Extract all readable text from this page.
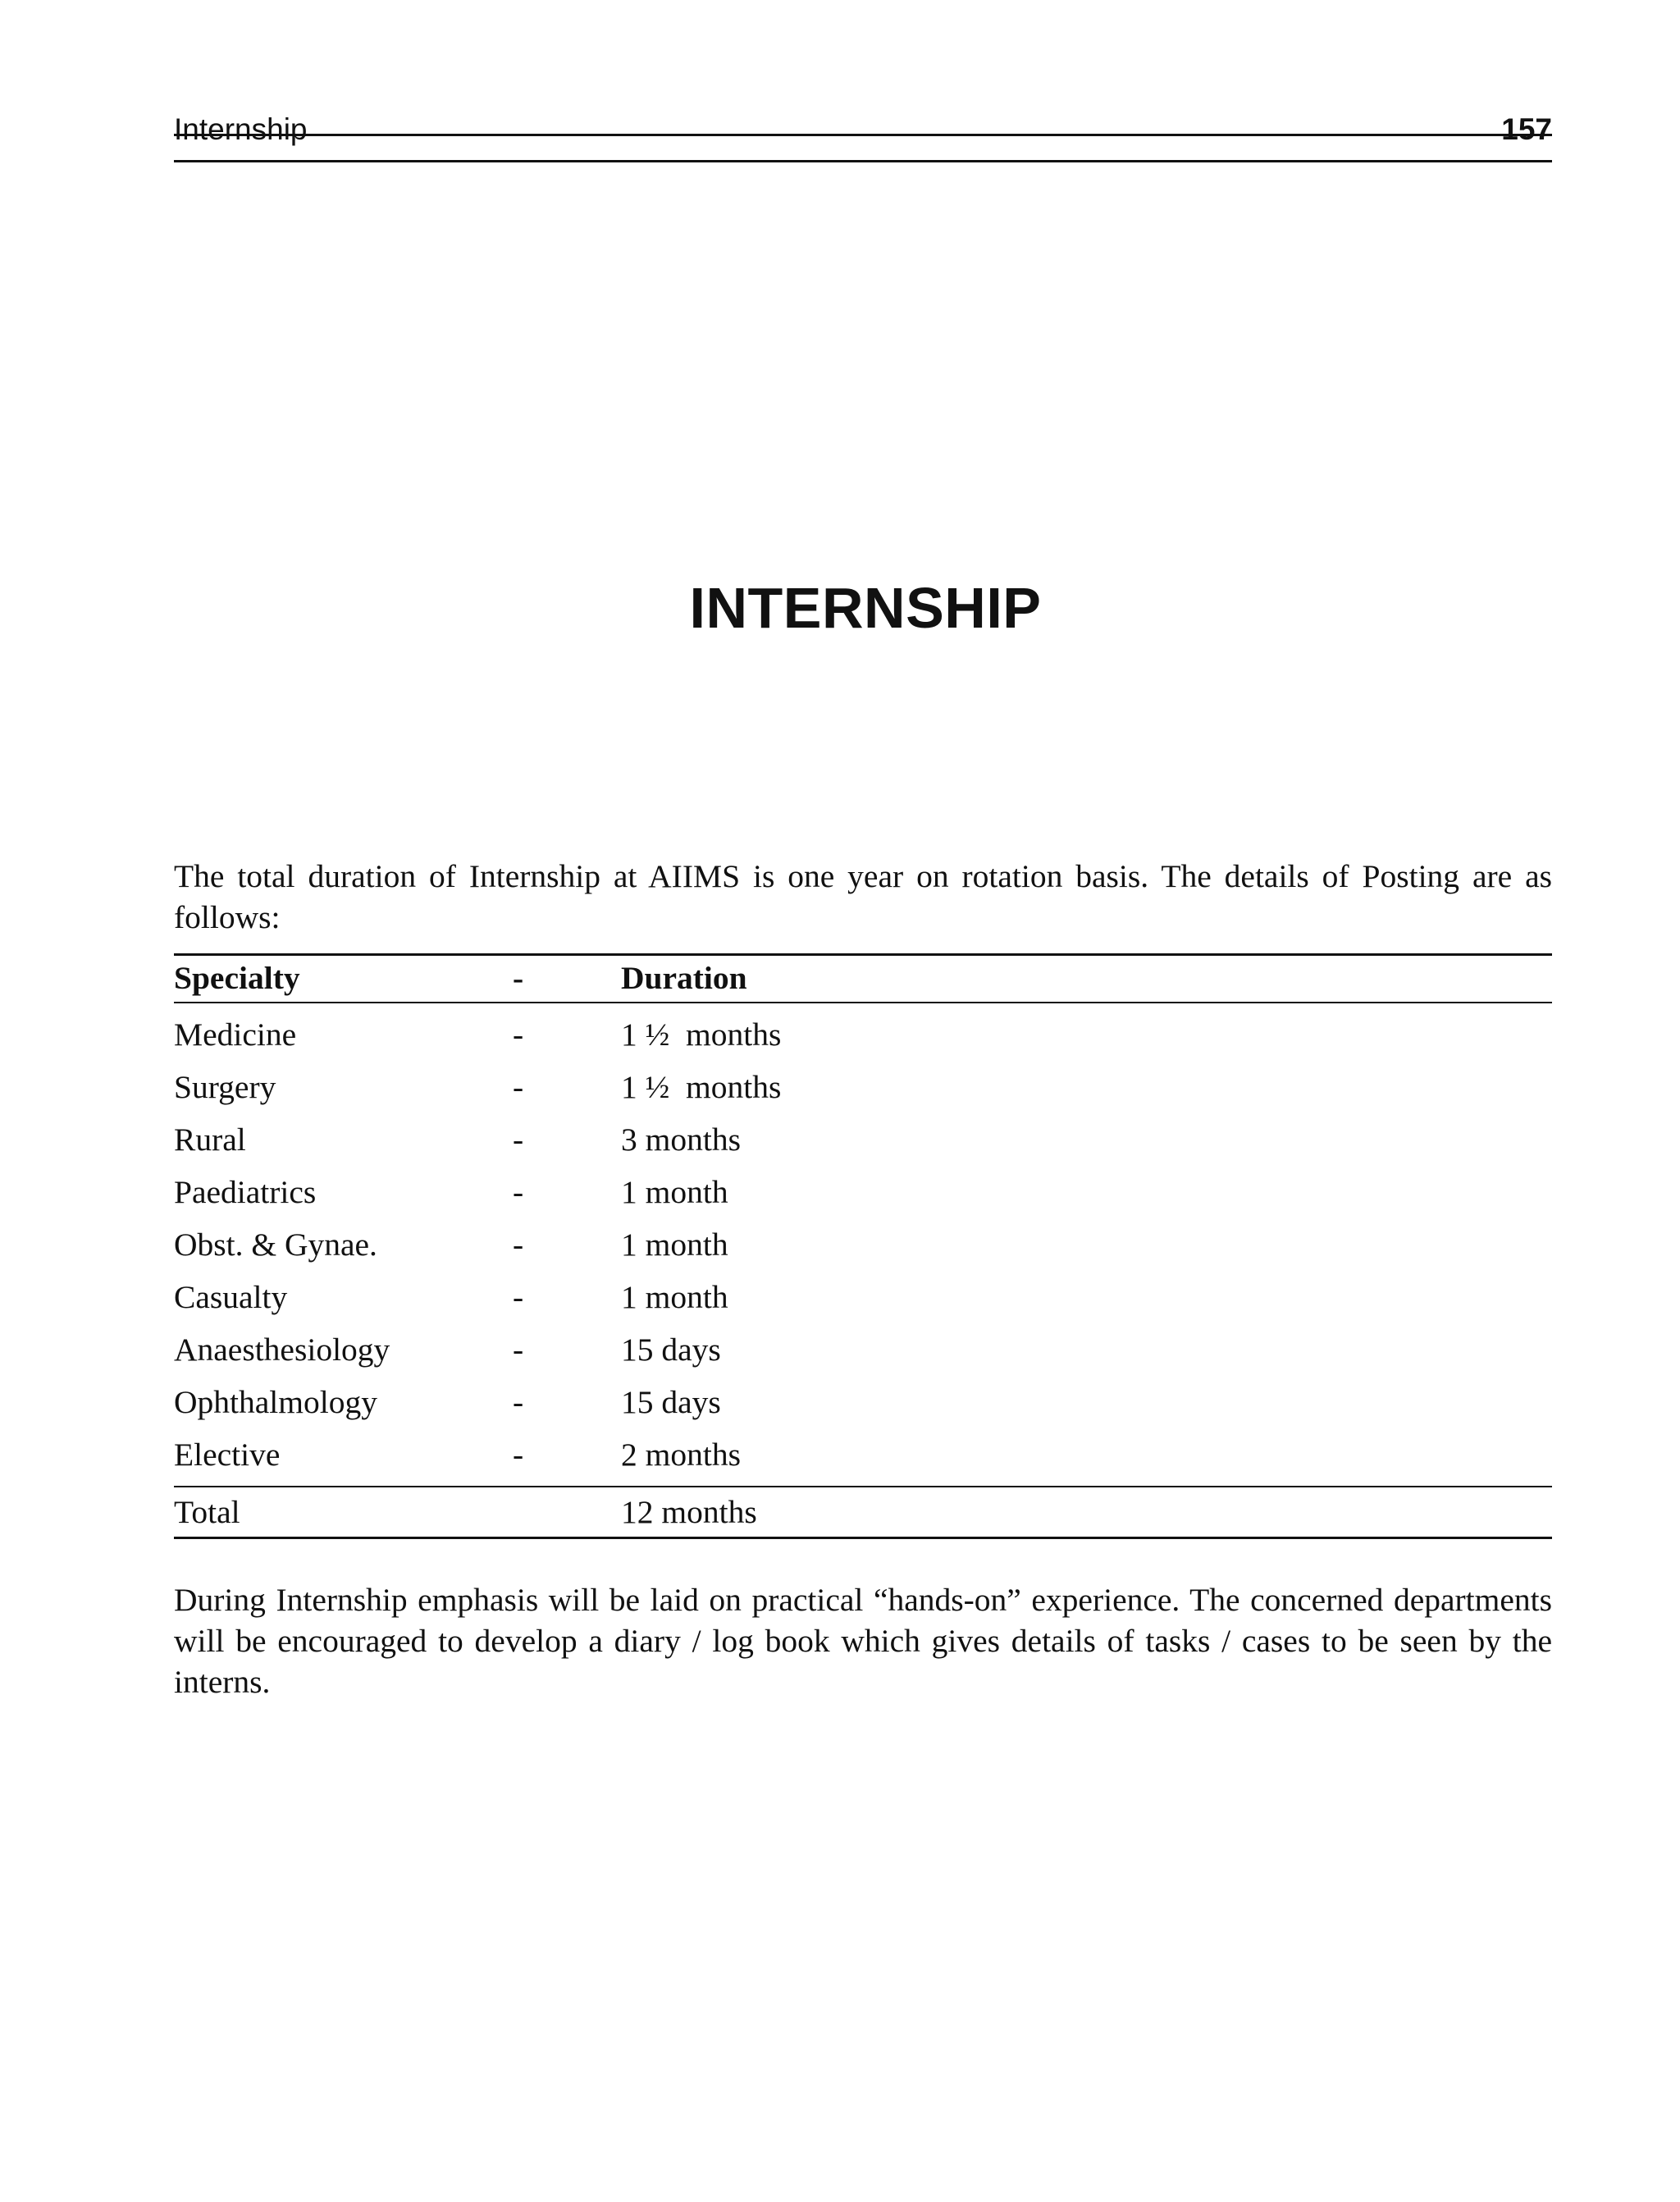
Internship	157
INTERNSHIP

The total duration of Internship at AIIMS is one year on rotation basis. The details of Posting are as follows:

Specialty	-	Duration
Medicine	-	1 ½  months
Surgery	-	1 ½  months
Rural	-	3 months
Paediatrics	-	1 month
Obst. & Gynae.	-	1 month
Casualty	-	1 month
Anaesthesiology	-	15 days
Ophthalmology	-	15 days
Elective	-	2 months
Total	12 months

During Internship emphasis will be laid on practical “hands-on” experience. The concerned departments will be encouraged to develop a diary / log book which gives details of tasks / cases to be seen by the interns.
